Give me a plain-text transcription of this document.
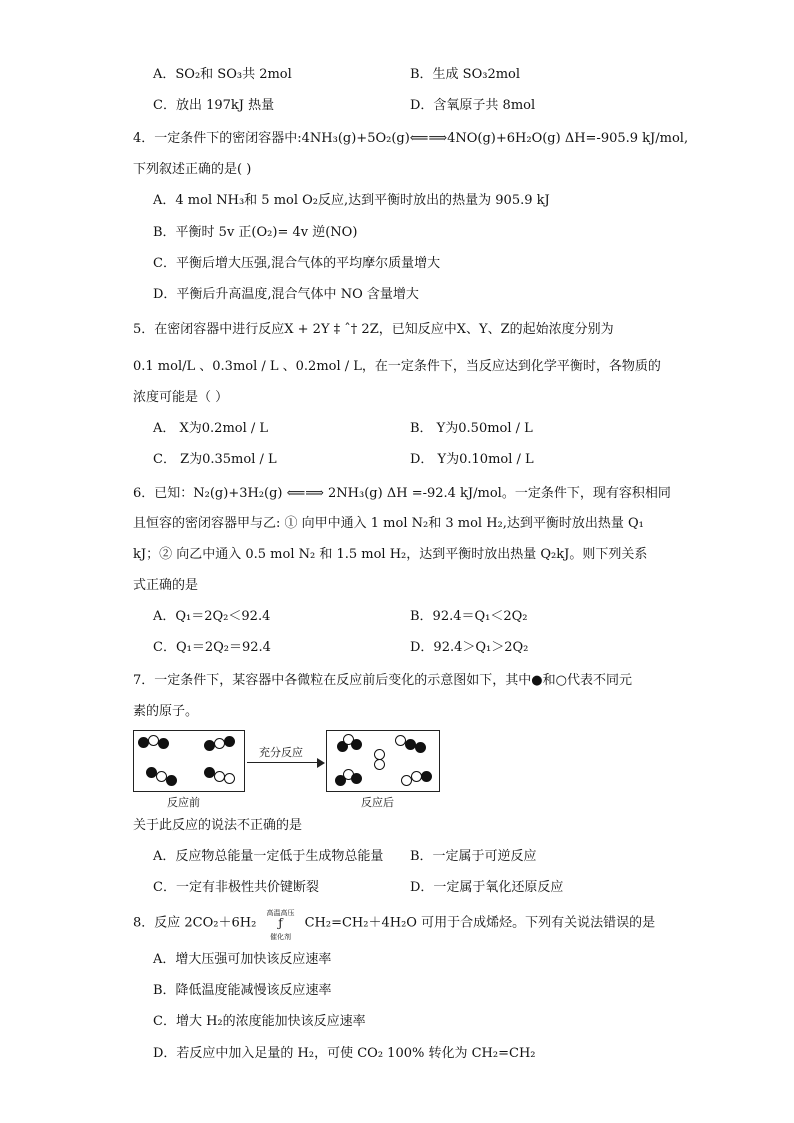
A．SO₂和 SO₃共 2mol	B．生成 SO₃2mol
C．放出 197kJ 热量	D．含氧原子共 8mol
4．一定条件下的密闭容器中:4NH₃(g)+5O₂(g)⟸⟹4NO(g)+6H₂O(g) ΔH=-905.9 kJ/mol,
下列叙述正确的是( )
A．4 mol NH₃和 5 mol O₂反应,达到平衡时放出的热量为 905.9 kJ
B．平衡时 5v 正(O₂)= 4v 逆(NO)
C．平衡后增大压强,混合气体的平均摩尔质量增大
D．平衡后升高温度,混合气体中 NO 含量增大
5．在密闭容器中进行反应X + 2Y ‡ ˆ† 2Z，已知反应中X、Y、Z的起始浓度分别为
0.1 mol/L 、0.3mol / L 、0.2mol / L，在一定条件下，当反应达到化学平衡时，各物质的
浓度可能是（ ）
A． X为0.2mol / L	B． Y为0.50mol / L
C． Z为0.35mol / L	D． Y为0.10mol / L
6．已知：N₂(g)+3H₂(g) ⟸⟹ 2NH₃(g) ΔH =-92.4 kJ/mol。一定条件下，现有容积相同
且恒容的密闭容器甲与乙: ① 向甲中通入 1 mol N₂和 3 mol H₂,达到平衡时放出热量 Q₁
kJ；② 向乙中通入 0.5 mol N₂ 和 1.5 mol H₂，达到平衡时放出热量 Q₂kJ。则下列关系
式正确的是
A．Q₁＝2Q₂＜92.4	B．92.4＝Q₁＜2Q₂
C．Q₁＝2Q₂＝92.4	D．92.4＞Q₁＞2Q₂
7．一定条件下，某容器中各微粒在反应前后变化的示意图如下，其中●和○代表不同元
素的原子。
充分反应
反应前	反应后
关于此反应的说法不正确的是
A．反应物总能量一定低于生成物总能量 B．一定属于可逆反应
C．一定有非极性共价键断裂	D．一定属于氧化还原反应
8．反应 2CO₂＋6H₂
高温高压
ƒ
催化剂
CH₂=CH₂＋4H₂O 可用于合成烯烃。下列有关说法错误的是
A．增大压强可加快该反应速率
B．降低温度能减慢该反应速率
C．增大 H₂的浓度能加快该反应速率
D．若反应中加入足量的 H₂，可使 CO₂ 100% 转化为 CH₂=CH₂
